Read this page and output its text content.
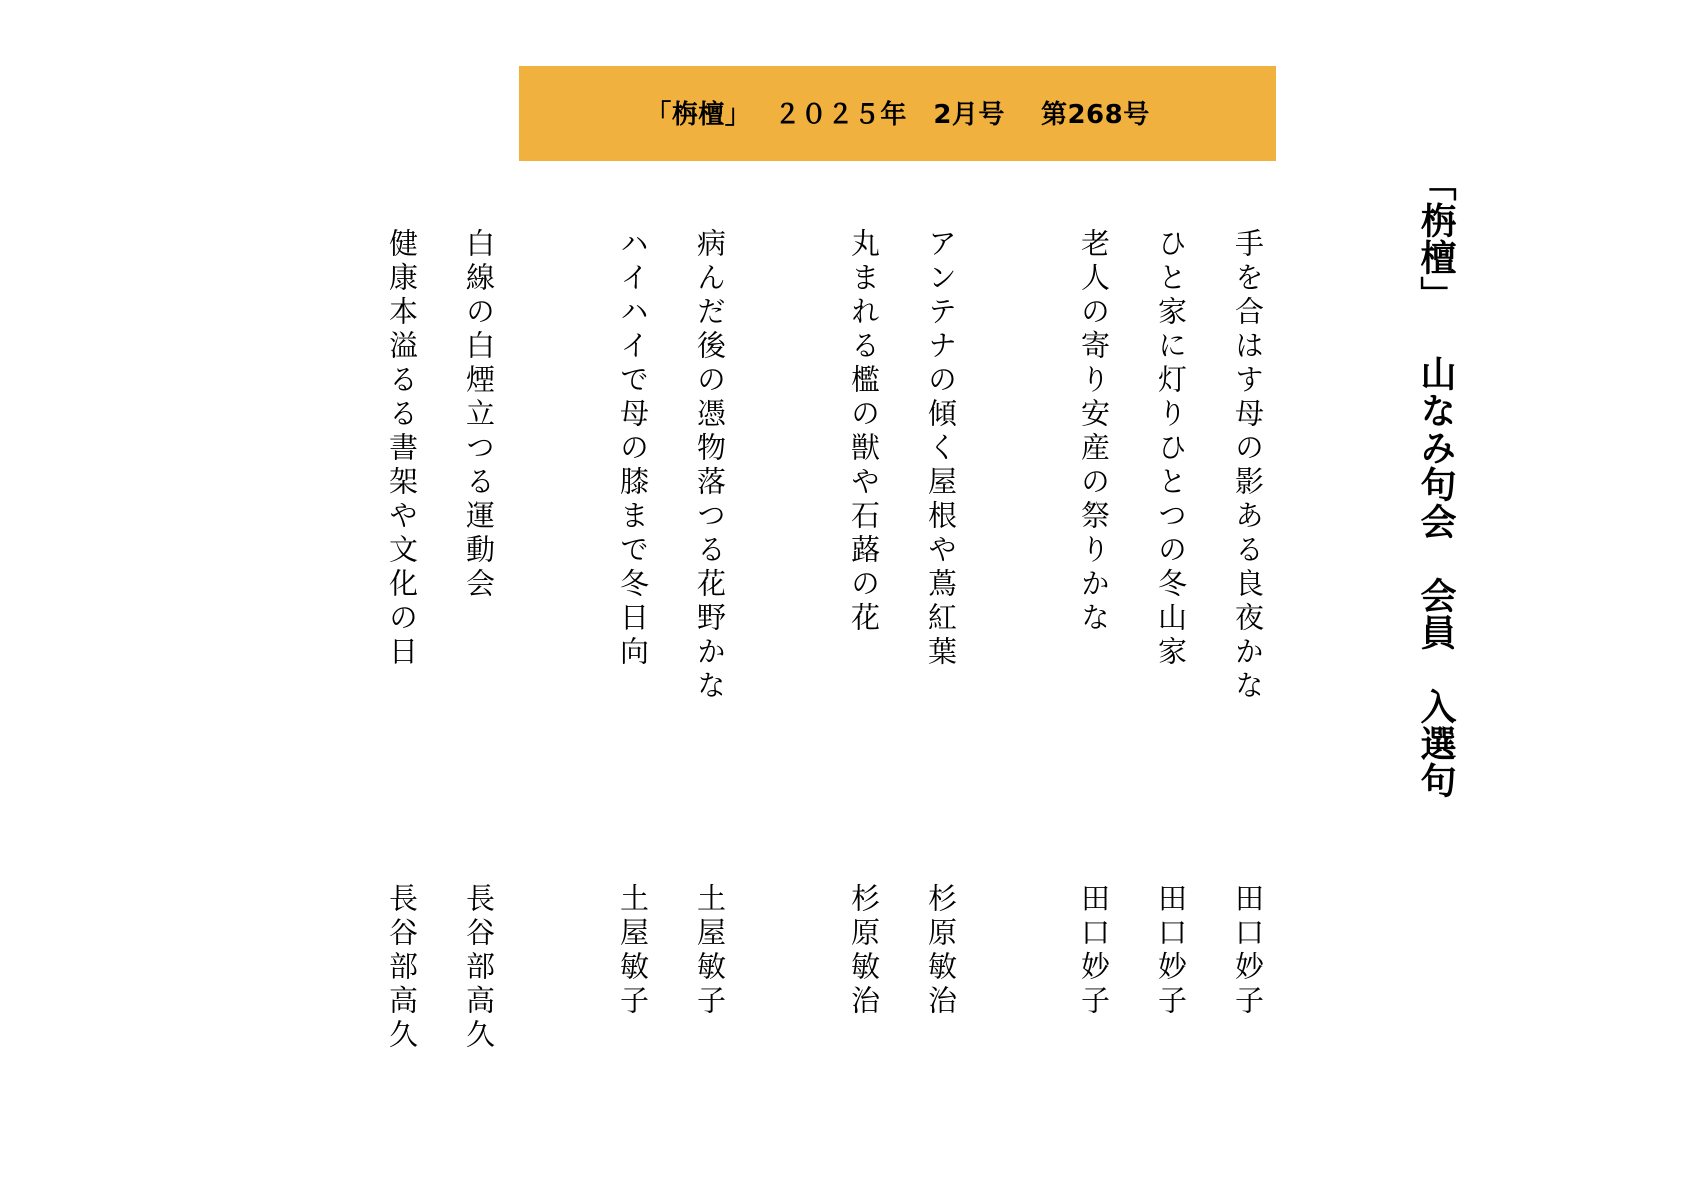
「栴檀」　 ２０２５年　2月号　 第268号
「栴檀」 山なみ句会　会員　入選句
手を合はす母の影ある良夜かな
ひと家に灯りひとつの冬山家
老人の寄り安産の祭りかな
アンテナの傾く屋根や蔦紅葉
丸まれる檻の獣や石蕗の花
病んだ後の憑物落つる花野かな
ハイハイで母の膝まで冬日向
白線の白煙立つる運動会
健康本溢るる書架や文化の日
田口妙子
田口妙子
田口妙子
杉原敏治
杉原敏治
土屋敏子
土屋敏子
長谷部高久
長谷部高久
